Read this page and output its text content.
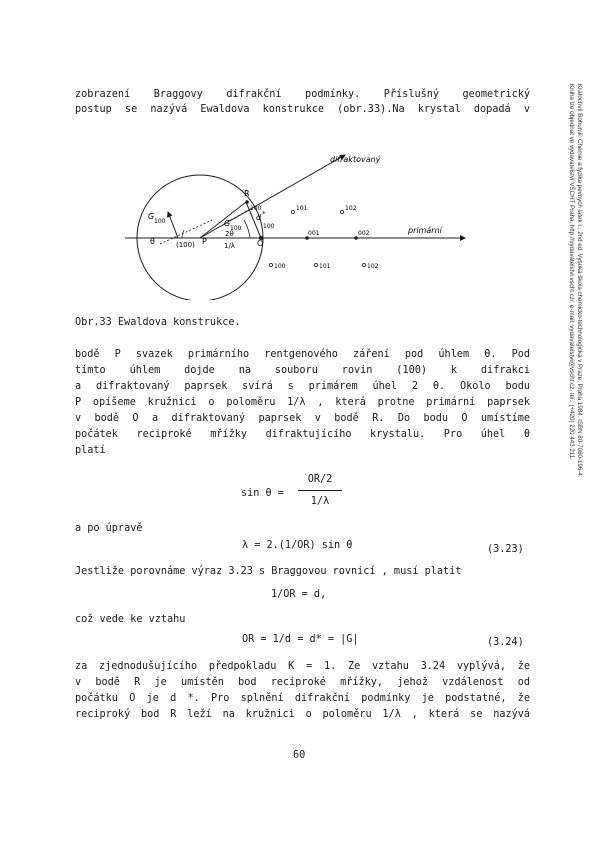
Kratochvíl Bohumil: Chemie a fyzika pevných látek I., 2nd ed. Vysoká škola chemicko-technologická v Praze, Praha 1984. ISBN 80-7080-196-4.
Kniha lze objednat ve vydavatelství VŠCHT Praha, http://vydavatelstvi.vscht.cz/, e-mail: vydavatelstvi@vscht.cz, tel.: (+420) 220 443 211.
zobrazení Braggovy difrakční podmínky. Příslušný geometrický
postup se nazývá Ewaldova konstrukce (obr.33).Na krystal dopadá v
difraktovaný
primární
R
P	O
d *
100
G
100	G
100
θ
2θ
(100)	1/λ
100	101	102
001	002
100	101	102
Obr.33 Ewaldova konstrukce.
bodě P svazek primárního rentgenového záření pod úhlem θ. Pod
tímto úhlem dojde na souboru rovin (100) k difrakci
a difraktovaný paprsek svírá s primárem úhel 2 θ. Okolo bodu
P opíšeme kružnici o poloměru 1/λ , která protne primární paprsek
v bodě O a difraktovaný paprsek v bodě R. Do bodu O umístíme
počátek reciproké mřížky difraktujícího krystalu. Pro úhel θ
platí
sin θ =
OR/2
1/λ
a po úpravě
λ = 2.(1/OR) sin θ	(3.23)
Jestliže porovnáme výraz 3.23 s Braggovou rovnicí , musí platit
1/OR = d,
což vede ke vztahu
OR = 1/d = d* = |G|	(3.24)
za zjednodušujícího předpokladu K = 1. Ze vztahu 3.24 vyplývá, že
v bodě R je umístěn bod reciproké mřížky, jehož vzdálenost od
počátku O je d *. Pro splnění difrakční podmínky je podstatné, že
reciproký bod R leží na kružnici o poloměru 1/λ , která se nazývá
60
